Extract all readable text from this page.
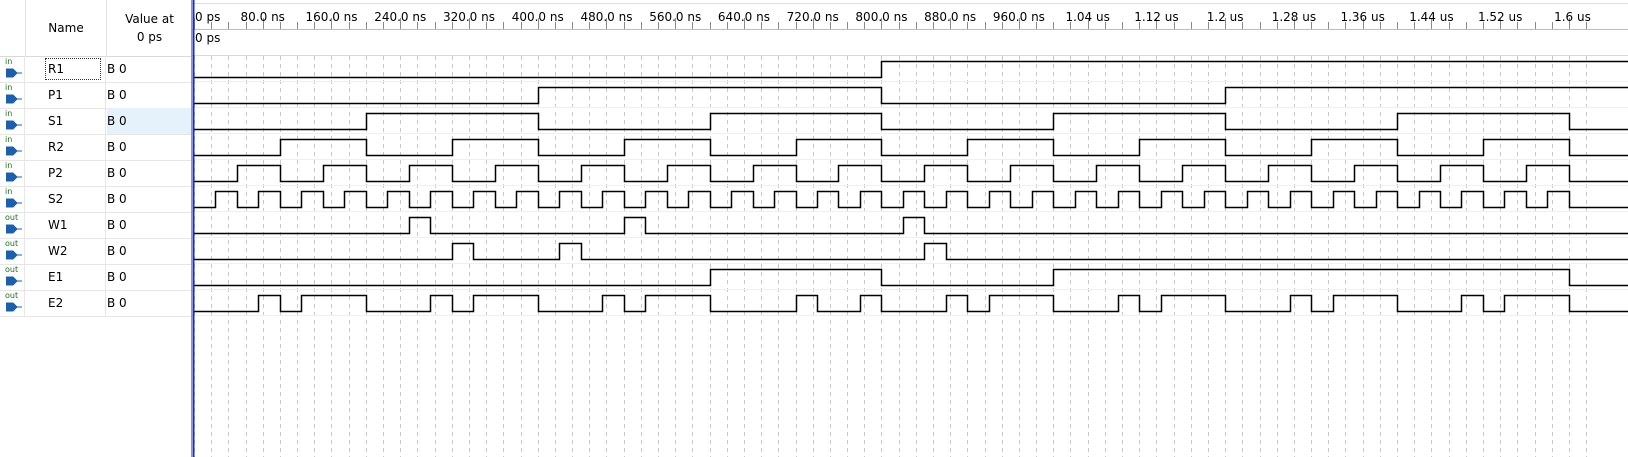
Name
Value at
0 ps
in
R1	B 0
in
P1	B 0
in
S1	B 0
in
R2	B 0
in
P2	B 0
in
S2	B 0
out
W1	B 0
out
W2	B 0
out
E1	B 0
out
E2	B 0
0 ps 80.0 ns 160.0 ns 240.0 ns 320.0 ns 400.0 ns 480.0 ns 560.0 ns 640.0 ns 720.0 ns 800.0 ns 880.0 ns 960.0 ns 1.04 us 1.12 us 1.2 us 1.28 us 1.36 us 1.44 us 1.52 us	1.6 us
0 ps
